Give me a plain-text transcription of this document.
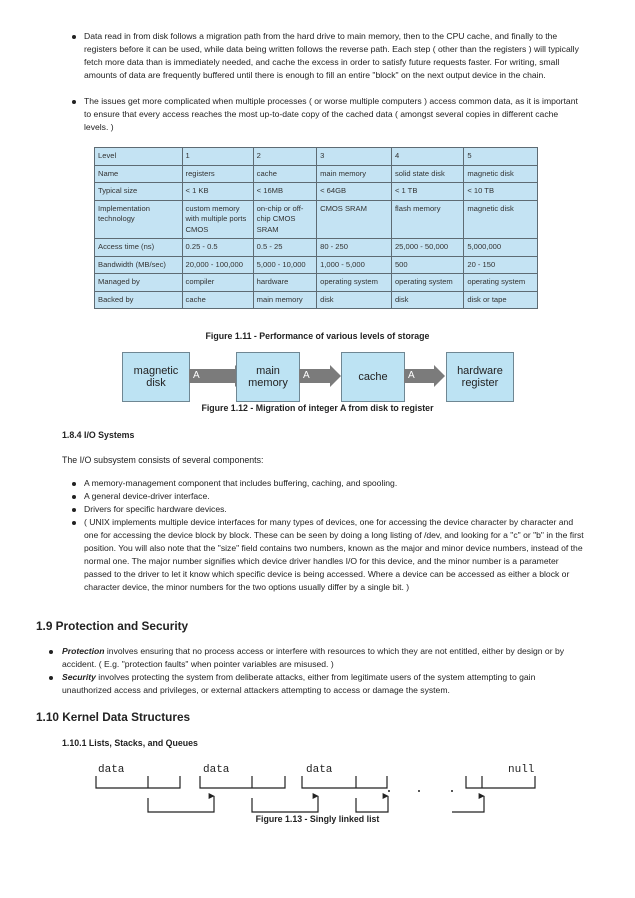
Data read in from disk follows a migration path from the hard drive to main memory, then to the CPU cache, and finally to the registers before it can be used, while data being written follows the reverse path. Each step ( other than the registers ) will typically fetch more data than is immediately needed, and cache the excess in order to satisfy future requests faster. For writing, small amounts of data are frequently buffered until there is enough to fill an entire "block" on the next output device in the chain.

The issues get more complicated when multiple processes ( or worse multiple computers ) access common data, as it is important to ensure that every access reaches the most up-to-date copy of the cached data ( amongst several copies in different cache levels. )

Level	1	2	3	4	5
Name	registers	cache	main memory	solid state disk	magnetic disk
Typical size	< 1 KB	< 16MB	< 64GB	< 1 TB	< 10 TB
Implementation technology	custom memory with multiple ports CMOS	on-chip or off-chip CMOS SRAM	CMOS SRAM	flash memory	magnetic disk
Access time (ns)	0.25 - 0.5	0.5 - 25	80 - 250	25,000 - 50,000	5,000,000
Bandwidth (MB/sec)	20,000 - 100,000	5,000 - 10,000	1,000 - 5,000	500	20 - 150
Managed by	compiler	hardware	operating system	operating system	operating system
Backed by	cache	main memory	disk	disk	disk or tape
Figure 1.11 - Performance of various levels of storage
magnetic disk
A	main memory
A	cache	A	hardware register
Figure 1.12 - Migration of integer A from disk to register
1.8.4 I/O Systems
The I/O subsystem consists of several components:

A memory-management component that includes buffering, caching, and spooling.

A general device-driver interface.

Drivers for specific hardware devices.

( UNIX implements multiple device interfaces for many types of devices, one for accessing the device character by character and one for accessing the device block by block. These can be seen by doing a long listing of /dev, and looking for a "c" or "b" in the first position. You will also note that the "size" field contains two numbers, known as the major and minor device numbers, instead of the normal one. The major number signifies which device driver handles I/O for this device, and the minor number is a parameter passed to the driver to let it know which specific device is being accessed. Where a device can be accessed as either a block or character device, the minor numbers for the two options usually differ by a single bit. )

1.9 Protection and Security

Protection involves ensuring that no process access or interfere with resources to which they are not entitled, either by design or by accident. ( E.g. "protection faults" when pointer variables are misused. )

Security involves protecting the system from deliberate attacks, either from legitimate users of the system attempting to gain unauthorized access and privileges, or external attackers attempting to access or damage the system.

1.10 Kernel Data Structures
1.10.1 Lists, Stacks, and Queues
data	data	data	null
Figure 1.13 - Singly linked list
